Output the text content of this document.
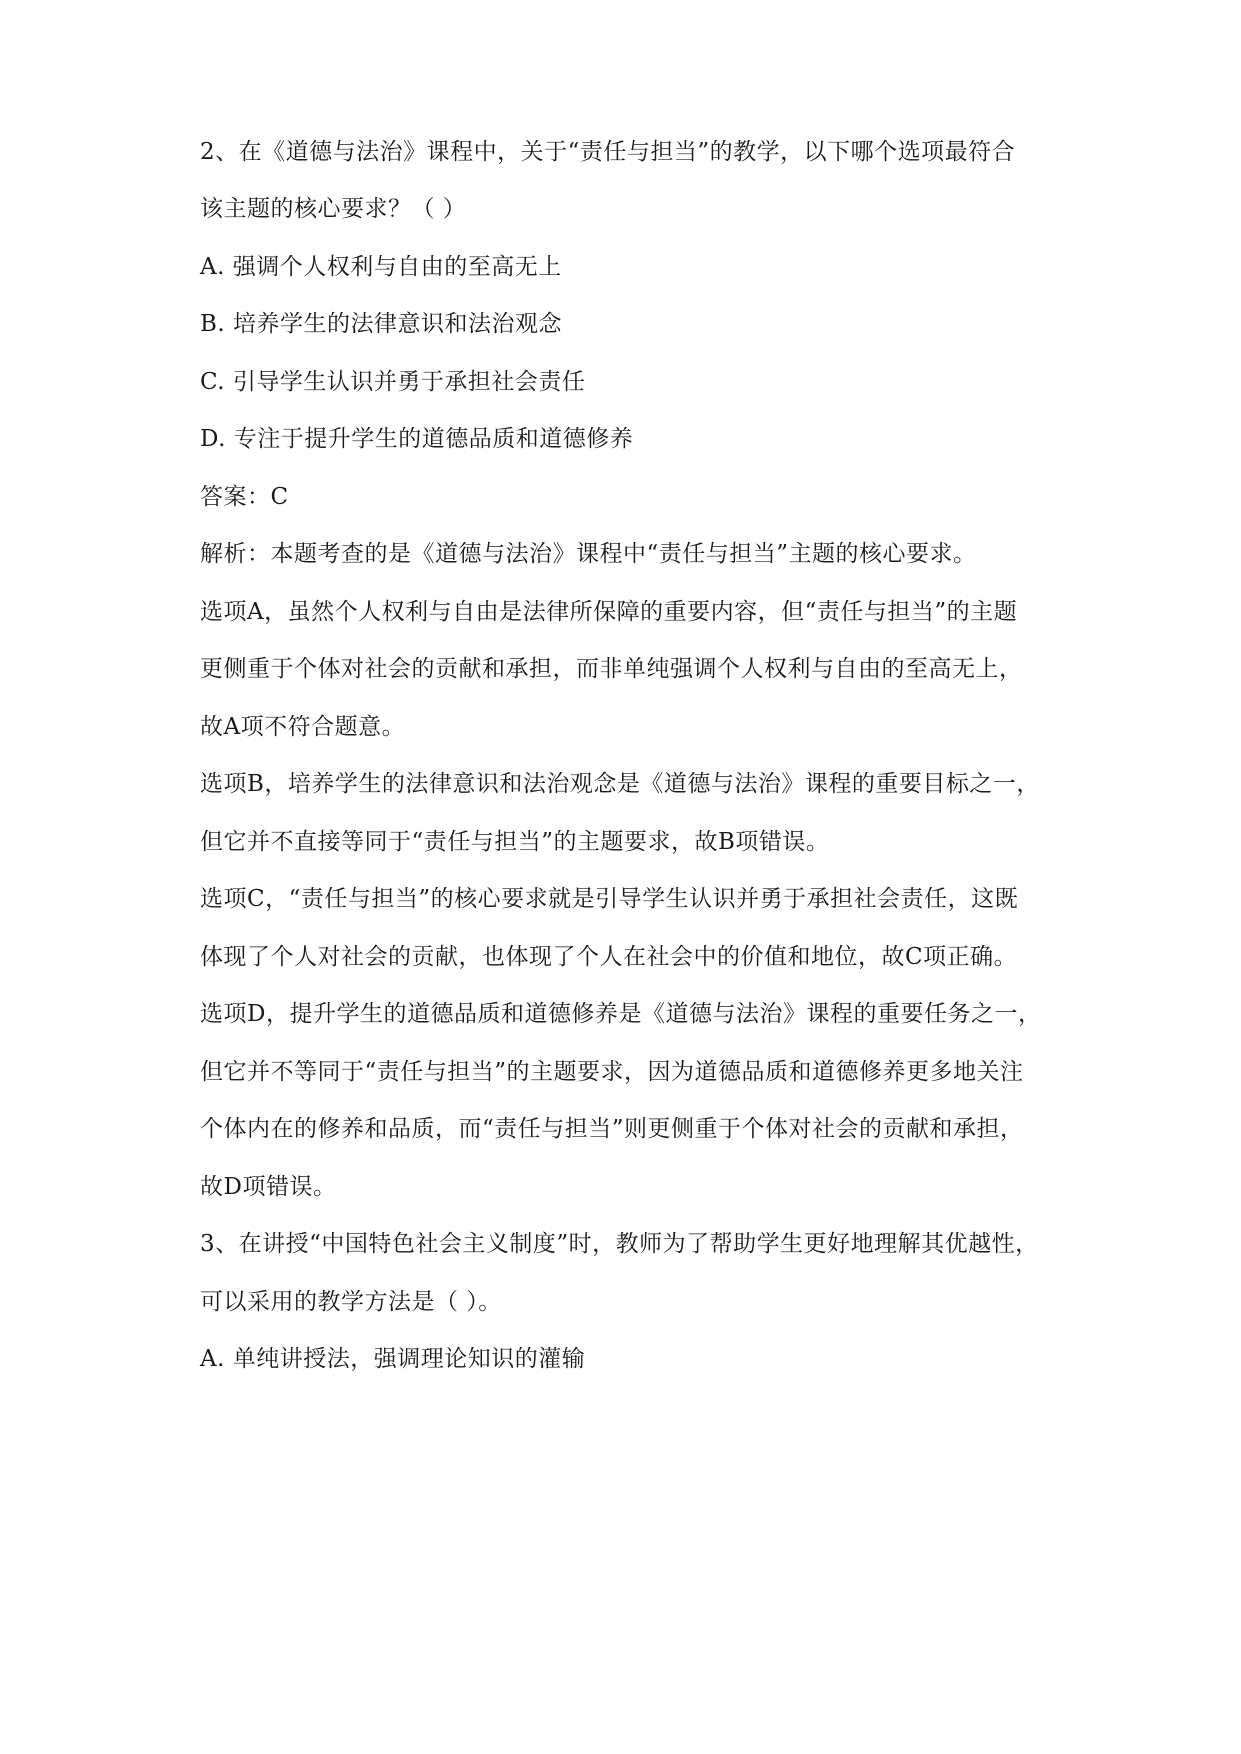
2、在《道德与法治》课程中，关于“责任与担当”的教学，以下哪个选项最符合
该主题的核心要求？（ ）
A. 强调个人权利与自由的至高无上
B. 培养学生的法律意识和法治观念
C. 引导学生认识并勇于承担社会责任
D. 专注于提升学生的道德品质和道德修养
答案：C
解析：本题考查的是《道德与法治》课程中“责任与担当”主题的核心要求。
选项A，虽然个人权利与自由是法律所保障的重要内容，但“责任与担当”的主题
更侧重于个体对社会的贡献和承担，而非单纯强调个人权利与自由的至高无上，
故A项不符合题意。
选项B，培养学生的法律意识和法治观念是《道德与法治》课程的重要目标之一，
但它并不直接等同于“责任与担当”的主题要求，故B项错误。
选项C，“责任与担当”的核心要求就是引导学生认识并勇于承担社会责任，这既
体现了个人对社会的贡献，也体现了个人在社会中的价值和地位，故C项正确。
选项D，提升学生的道德品质和道德修养是《道德与法治》课程的重要任务之一，
但它并不等同于“责任与担当”的主题要求，因为道德品质和道德修养更多地关注
个体内在的修养和品质，而“责任与担当”则更侧重于个体对社会的贡献和承担，
故D项错误。
3、在讲授“中国特色社会主义制度”时，教师为了帮助学生更好地理解其优越性，
可以采用的教学方法是（ ）。
A. 单纯讲授法，强调理论知识的灌输
